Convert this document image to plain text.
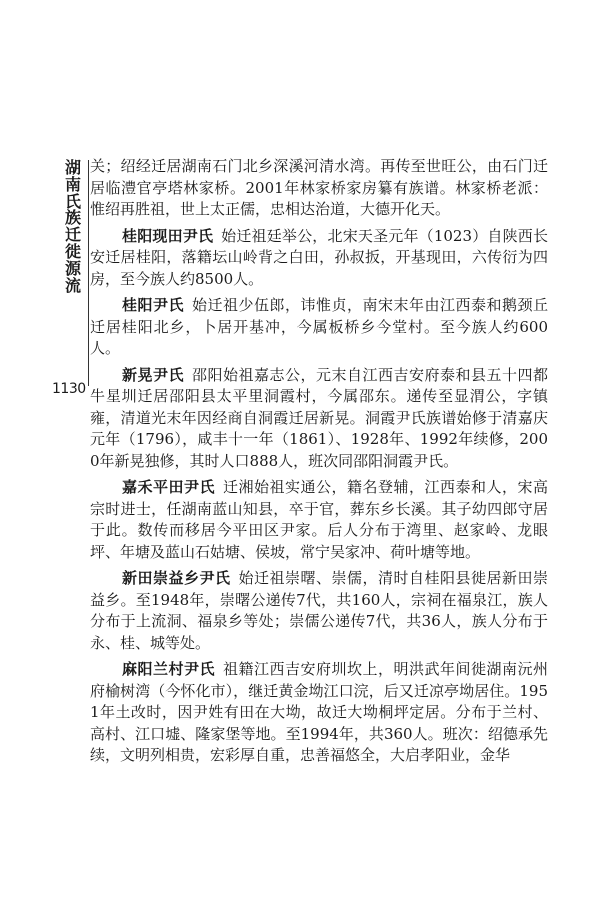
湖南氏族迁徙源流
1130

关；绍经迁居湖南石门北乡深溪河清水湾。再传至世旺公，由石门迁居临澧官亭塔林家桥。2001年林家桥家房纂有族谱。林家桥老派：惟绍再胜祖，世上太正儒，忠相达治道，大德开化天。

桂阳现田尹氏 始迁祖廷举公，北宋天圣元年（1023）自陕西长安迁居桂阳，落籍坛山岭背之白田，孙叔扳，开基现田，六传衍为四房，至今族人约8500人。

桂阳尹氏 始迁祖少伍郎，讳惟贞，南宋末年由江西泰和鹅颈丘迁居桂阳北乡，卜居开基冲，今属板桥乡今堂村。至今族人约600人。

新晃尹氏 邵阳始祖嘉志公，元末自江西吉安府泰和县五十四都牛星圳迁居邵阳县太平里洞霞村，今属邵东。递传至显渭公，字镇雍，清道光末年因经商自洞霞迁居新晃。洞霞尹氏族谱始修于清嘉庆元年（1796），咸丰十一年（1861）、1928年、1992年续修，2000年新晃独修，其时人口888人，班次同邵阳洞霞尹氏。

嘉禾平田尹氏 迁湘始祖实通公，籍名登辅，江西泰和人，宋高宗时进士，任湖南蓝山知县，卒于官，葬东乡长溪。其子幼四郎守居于此。数传而移居今平田区尹家。后人分布于湾里、赵家岭、龙眼坪、年塘及蓝山石姑塘、侯坡，常宁吴家冲、荷叶塘等地。

新田崇益乡尹氏 始迁祖崇曙、崇儒，清时自桂阳县徙居新田崇益乡。至1948年，崇曙公递传7代，共160人，宗祠在福泉江，族人分布于上流洞、福泉乡等处；崇儒公递传7代，共36人，族人分布于永、桂、城等处。

麻阳兰村尹氏 祖籍江西吉安府圳坎上，明洪武年间徙湖南沅州府榆树湾（今怀化市），继迁黄金坳江口浣，后又迁凉亭坳居住。1951年土改时，因尹姓有田在大坳，故迁大坳桐坪定居。分布于兰村、高村、江口墟、隆家堡等地。至1994年，共360人。班次：绍德承先续，文明列相贵，宏彩厚自重，忠善福悠全，大启孝阳业，金华
